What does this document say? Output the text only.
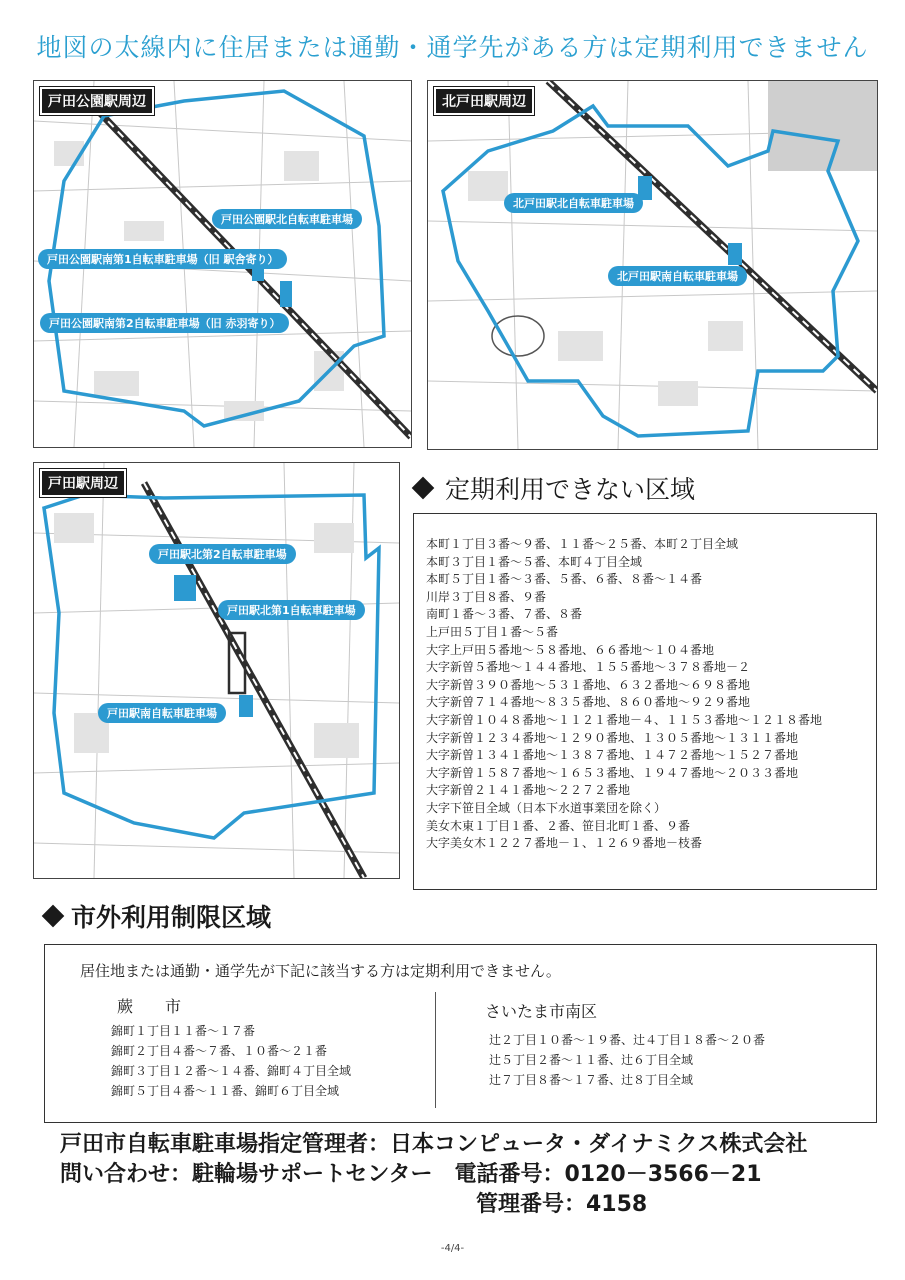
地図の太線内に住居または通勤・通学先がある方は定期利用できません
戸田公園駅周辺
戸田公園駅北自転車駐車場
戸田公園駅南第1自転車駐車場（旧 駅舎寄り）
戸田公園駅南第2自転車駐車場（旧 赤羽寄り）
北戸田駅周辺
北戸田駅北自転車駐車場
北戸田駅南自転車駐車場
戸田駅周辺
戸田駅北第2自転車駐車場
戸田駅北第1自転車駐車場
戸田駅南自転車駐車場
定期利用できない区域
本町１丁目３番～９番、１１番～２５番、本町２丁目全域
本町３丁目１番～５番、本町４丁目全域
本町５丁目１番～３番、５番、６番、８番～１４番
川岸３丁目８番、９番
南町１番～３番、７番、８番
上戸田５丁目１番～５番
大字上戸田５番地～５８番地、６６番地～１０４番地
大字新曽５番地～１４４番地、１５５番地～３７８番地－２
大字新曽３９０番地～５３１番地、６３２番地～６９８番地
大字新曽７１４番地～８３５番地、８６０番地～９２９番地
大字新曽１０４８番地～１１２１番地－４、１１５３番地～１２１８番地
大字新曽１２３４番地～１２９０番地、１３０５番地～１３１１番地
大字新曽１３４１番地～１３８７番地、１４７２番地～１５２７番地
大字新曽１５８７番地～１６５３番地、１９４７番地～２０３３番地
大字新曽２１４１番地～２２７２番地
大字下笹目全域（日本下水道事業団を除く）
美女木東１丁目１番、２番、笹目北町１番、９番
大字美女木１２２７番地－１、１２６９番地－枝番
市外利用制限区域
居住地または通勤・通学先が下記に該当する方は定期利用できません。
蕨　　市
錦町１丁目１１番～１７番
錦町２丁目４番～７番、１０番～２１番
錦町３丁目１２番～１４番、錦町４丁目全域
錦町５丁目４番～１１番、錦町６丁目全域
さいたま市南区
辻２丁目１０番～１９番、辻４丁目１８番～２０番
辻５丁目２番～１１番、辻６丁目全域
辻７丁目８番～１７番、辻８丁目全域
戸田市自転車駐車場指定管理者：日本コンピュータ・ダイナミクス株式会社
問い合わせ：駐輪場サポートセンター　電話番号：0120－3566－21
管理番号：4158
-4/4-
